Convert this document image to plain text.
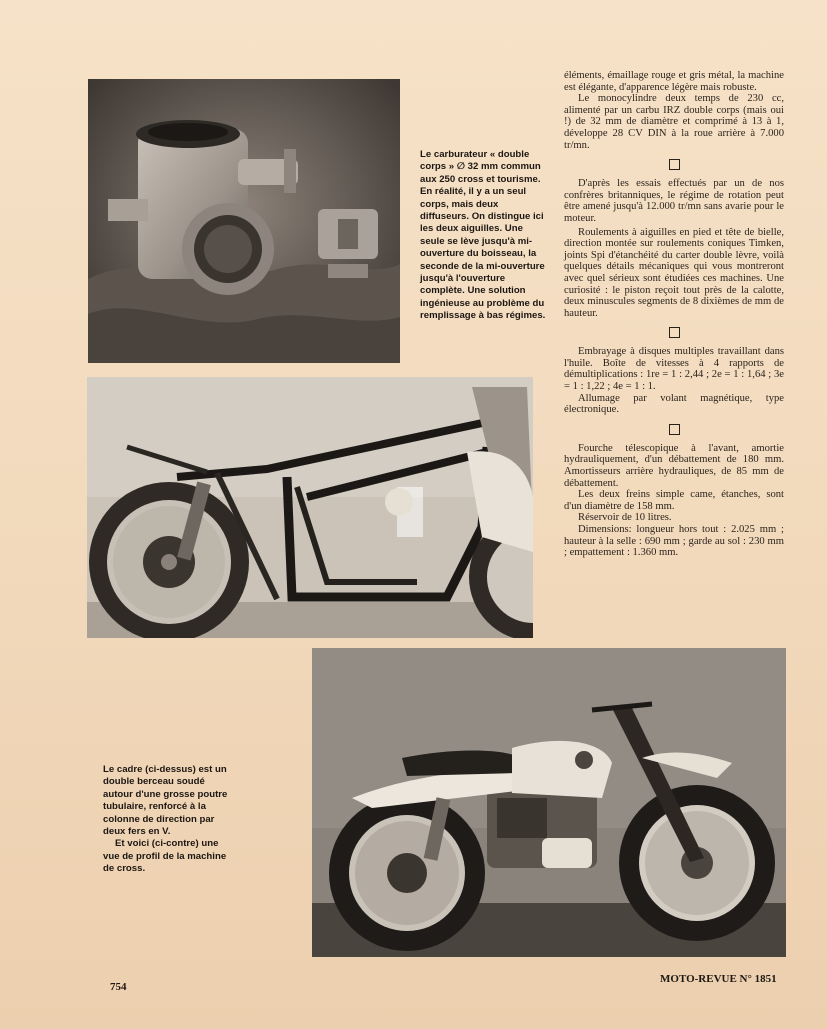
Le carburateur « double corps » ∅ 32 mm commun aux 250 cross et tourisme. En réalité, il y a un seul corps, mais deux diffuseurs. On distingue ici les deux aiguilles. Une seule se lève jusqu'à mi-ouverture du boisseau, la seconde de la mi-ouverture jusqu'à l'ouverture complète. Une solution ingénieuse au problème du remplissage à bas régimes.

Le cadre (ci-dessus) est un double berceau soudé autour d'une grosse poutre tubulaire, renforcé à la colonne de direction par deux fers en V.

Et voici (ci-contre) une vue de profil de la machine de cross.

éléments, émaillage rouge et gris métal, la machine est élégante, d'apparence légère mais robuste.

Le monocylindre deux temps de 230 cc, alimenté par un carbu IRZ double corps (mais oui !) de 32 mm de diamètre et comprimé à 13 à 1, développe 28 CV DIN à la roue arrière à 7.000 tr/mn.

D'après les essais effectués par un de nos confrères britanniques, le régime de rotation peut être amené jusqu'à 12.000 tr/mn sans avarie pour le moteur.

Roulements à aiguilles en pied et tête de bielle, direction montée sur roulements coniques Timken, joints Spi d'étanchéité du carter double lèvre, voilà quelques détails mécaniques qui vous montreront avec quel sérieux sont étudiées ces machines. Une curiosité : le piston reçoit tout près de la calotte, deux minuscules segments de 8 dixièmes de mm de hauteur.

Embrayage à disques multiples travaillant dans l'huile. Boîte de vitesses à 4 rapports de démultiplications : 1re = 1 : 2,44 ; 2e = 1 : 1,64 ; 3e = 1 : 1,22 ; 4e = 1 : 1.

Allumage par volant magnétique, type électronique.

Fourche télescopique à l'avant, amortie hydrauliquement, d'un débattement de 180 mm. Amortisseurs arrière hydrauliques, de 85 mm de débattement.

Les deux freins simple came, étanches, sont d'un diamètre de 158 mm.

Réservoir de 10 litres.

Dimensions: longueur hors tout : 2.025 mm ; hauteur à la selle : 690 mm ; garde au sol : 230 mm ; empattement : 1.360 mm.

754
MOTO-REVUE N° 1851
